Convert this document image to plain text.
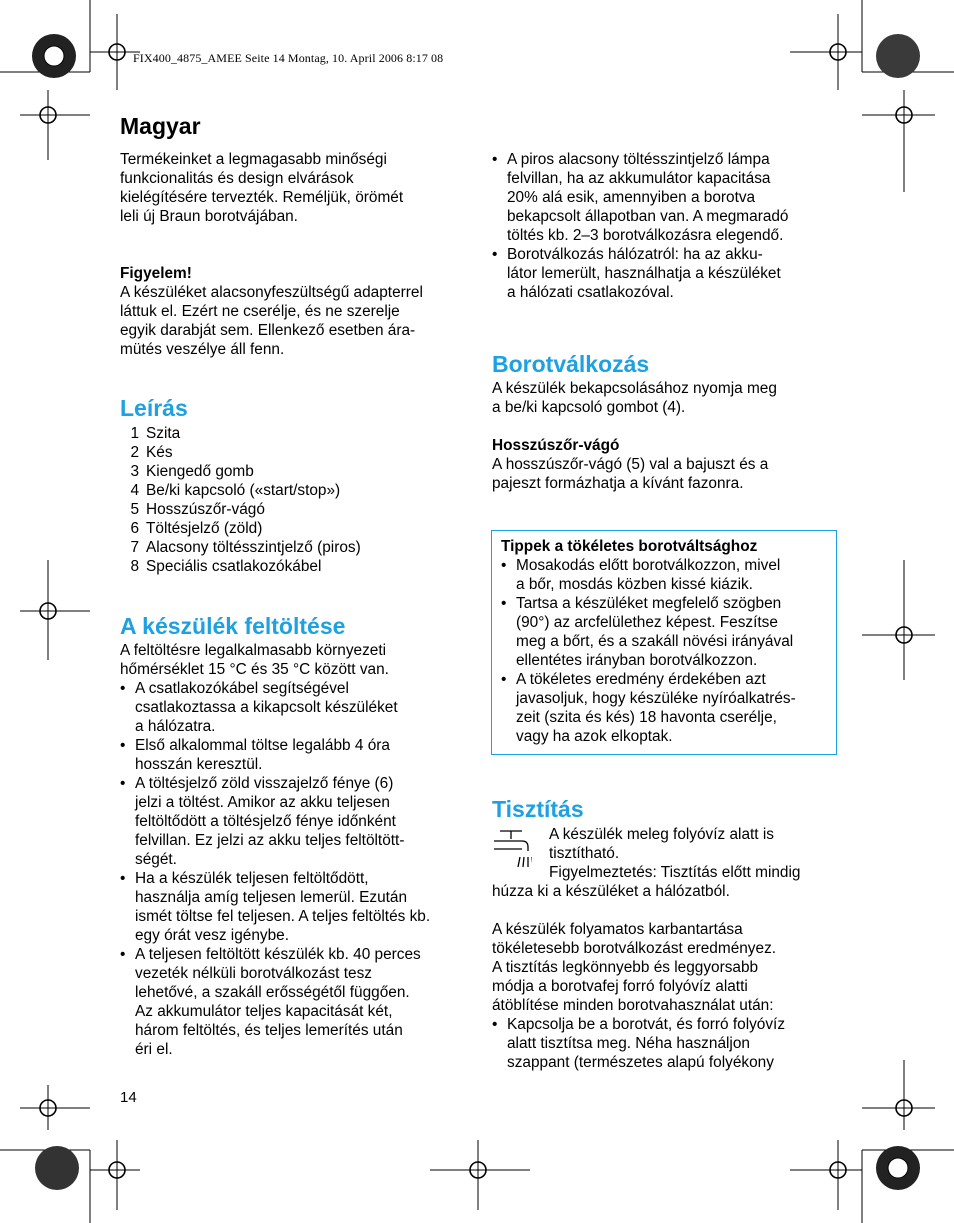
FIX400_4875_AMEE Seite 14 Montag, 10. April 2006 8:17 08
Magyar

Termékeinket a legmagasabb minőségi

funkcionalitás és design elvárások

kielégítésére tervezték. Reméljük, örömét

leli új Braun borotvájában.

Figyelem!

A készüléket alacsonyfeszültségű adapterrel

láttuk el. Ezért ne cserélje, és ne szerelje

egyik darabját sem. Ellenkező esetben ára-

mütés veszélye áll fenn.

Leírás
1 Szita
2 Kés
3 Kiengedő gomb
4 Be/ki kapcsoló («start/stop»)
5 Hosszúszőr-vágó
6 Töltésjelző (zöld)
7 Alacsony töltésszintjelző (piros)
8 Speciális csatlakozókábel
A készülék feltöltése

A feltöltésre legalkalmasabb környezeti

hőmérséklet 15 °C és 35 °C között van.

• A csatlakozókábel segítségével

csatlakoztassa a kikapcsolt készüléket

a hálózatra.

• Első alkalommal töltse legalább 4 óra

hosszán keresztül.

• A töltésjelző zöld visszajelző fénye (6)

jelzi a töltést. Amikor az akku teljesen

feltöltődött a töltésjelző fénye időnként

felvillan. Ez jelzi az akku teljes feltöltött-

ségét.

• Ha a készülék teljesen feltöltődött,

használja amíg teljesen lemerül. Ezután

ismét töltse fel teljesen. A teljes feltöltés kb.

egy órát vesz igénybe.

• A teljesen feltöltött készülék kb. 40 perces

vezeték nélküli borotválkozást tesz

lehetővé, a szakáll erősségétől függően.

Az akkumulátor teljes kapacitását két,

három feltöltés, és teljes lemerítés után

éri el.

14

• A piros alacsony töltésszintjelző lámpa

felvillan, ha az akkumulátor kapacitása

20% alá esik, amennyiben a borotva

bekapcsolt állapotban van. A megmaradó

töltés kb. 2–3 borotválkozásra elegendő.

• Borotválkozás hálózatról: ha az akku-

látor lemerült, használhatja a készüléket

a hálózati csatlakozóval.

Borotválkozás

A készülék bekapcsolásához nyomja meg

a be/ki kapcsoló gombot (4).

Hosszúszőr-vágó

A hosszúszőr-vágó (5) val a bajuszt és a

pajeszt formázhatja a kívánt fazonra.

Tippek a tökéletes borotváltsághoz

• Mosakodás előtt borotválkozzon, mivel

a bőr, mosdás közben kissé kiázik.

• Tartsa a készüléket megfelelő szögben

(90°) az arcfelülethez képest. Feszítse

meg a bőrt, és a szakáll növési irányával

ellentétes irányban borotválkozzon.

• A tökéletes eredmény érdekében azt

javasoljuk, hogy készüléke nyíróalkatrés-

zeit (szita és kés) 18 havonta cserélje,

vagy ha azok elkoptak.

Tisztítás

A készülék meleg folyóvíz alatt is

tisztítható.

Figyelmeztetés: Tisztítás előtt mindig

húzza ki a készüléket a hálózatból.

A készülék folyamatos karbantartása

tökéletesebb borotválkozást eredményez.

A tisztítás legkönnyebb és leggyorsabb

módja a borotvafej forró folyóvíz alatti

átöblítése minden borotvahasználat után:

• Kapcsolja be a borotvát, és forró folyóvíz

alatt tisztítsa meg. Néha használjon

szappant (természetes alapú folyékony
